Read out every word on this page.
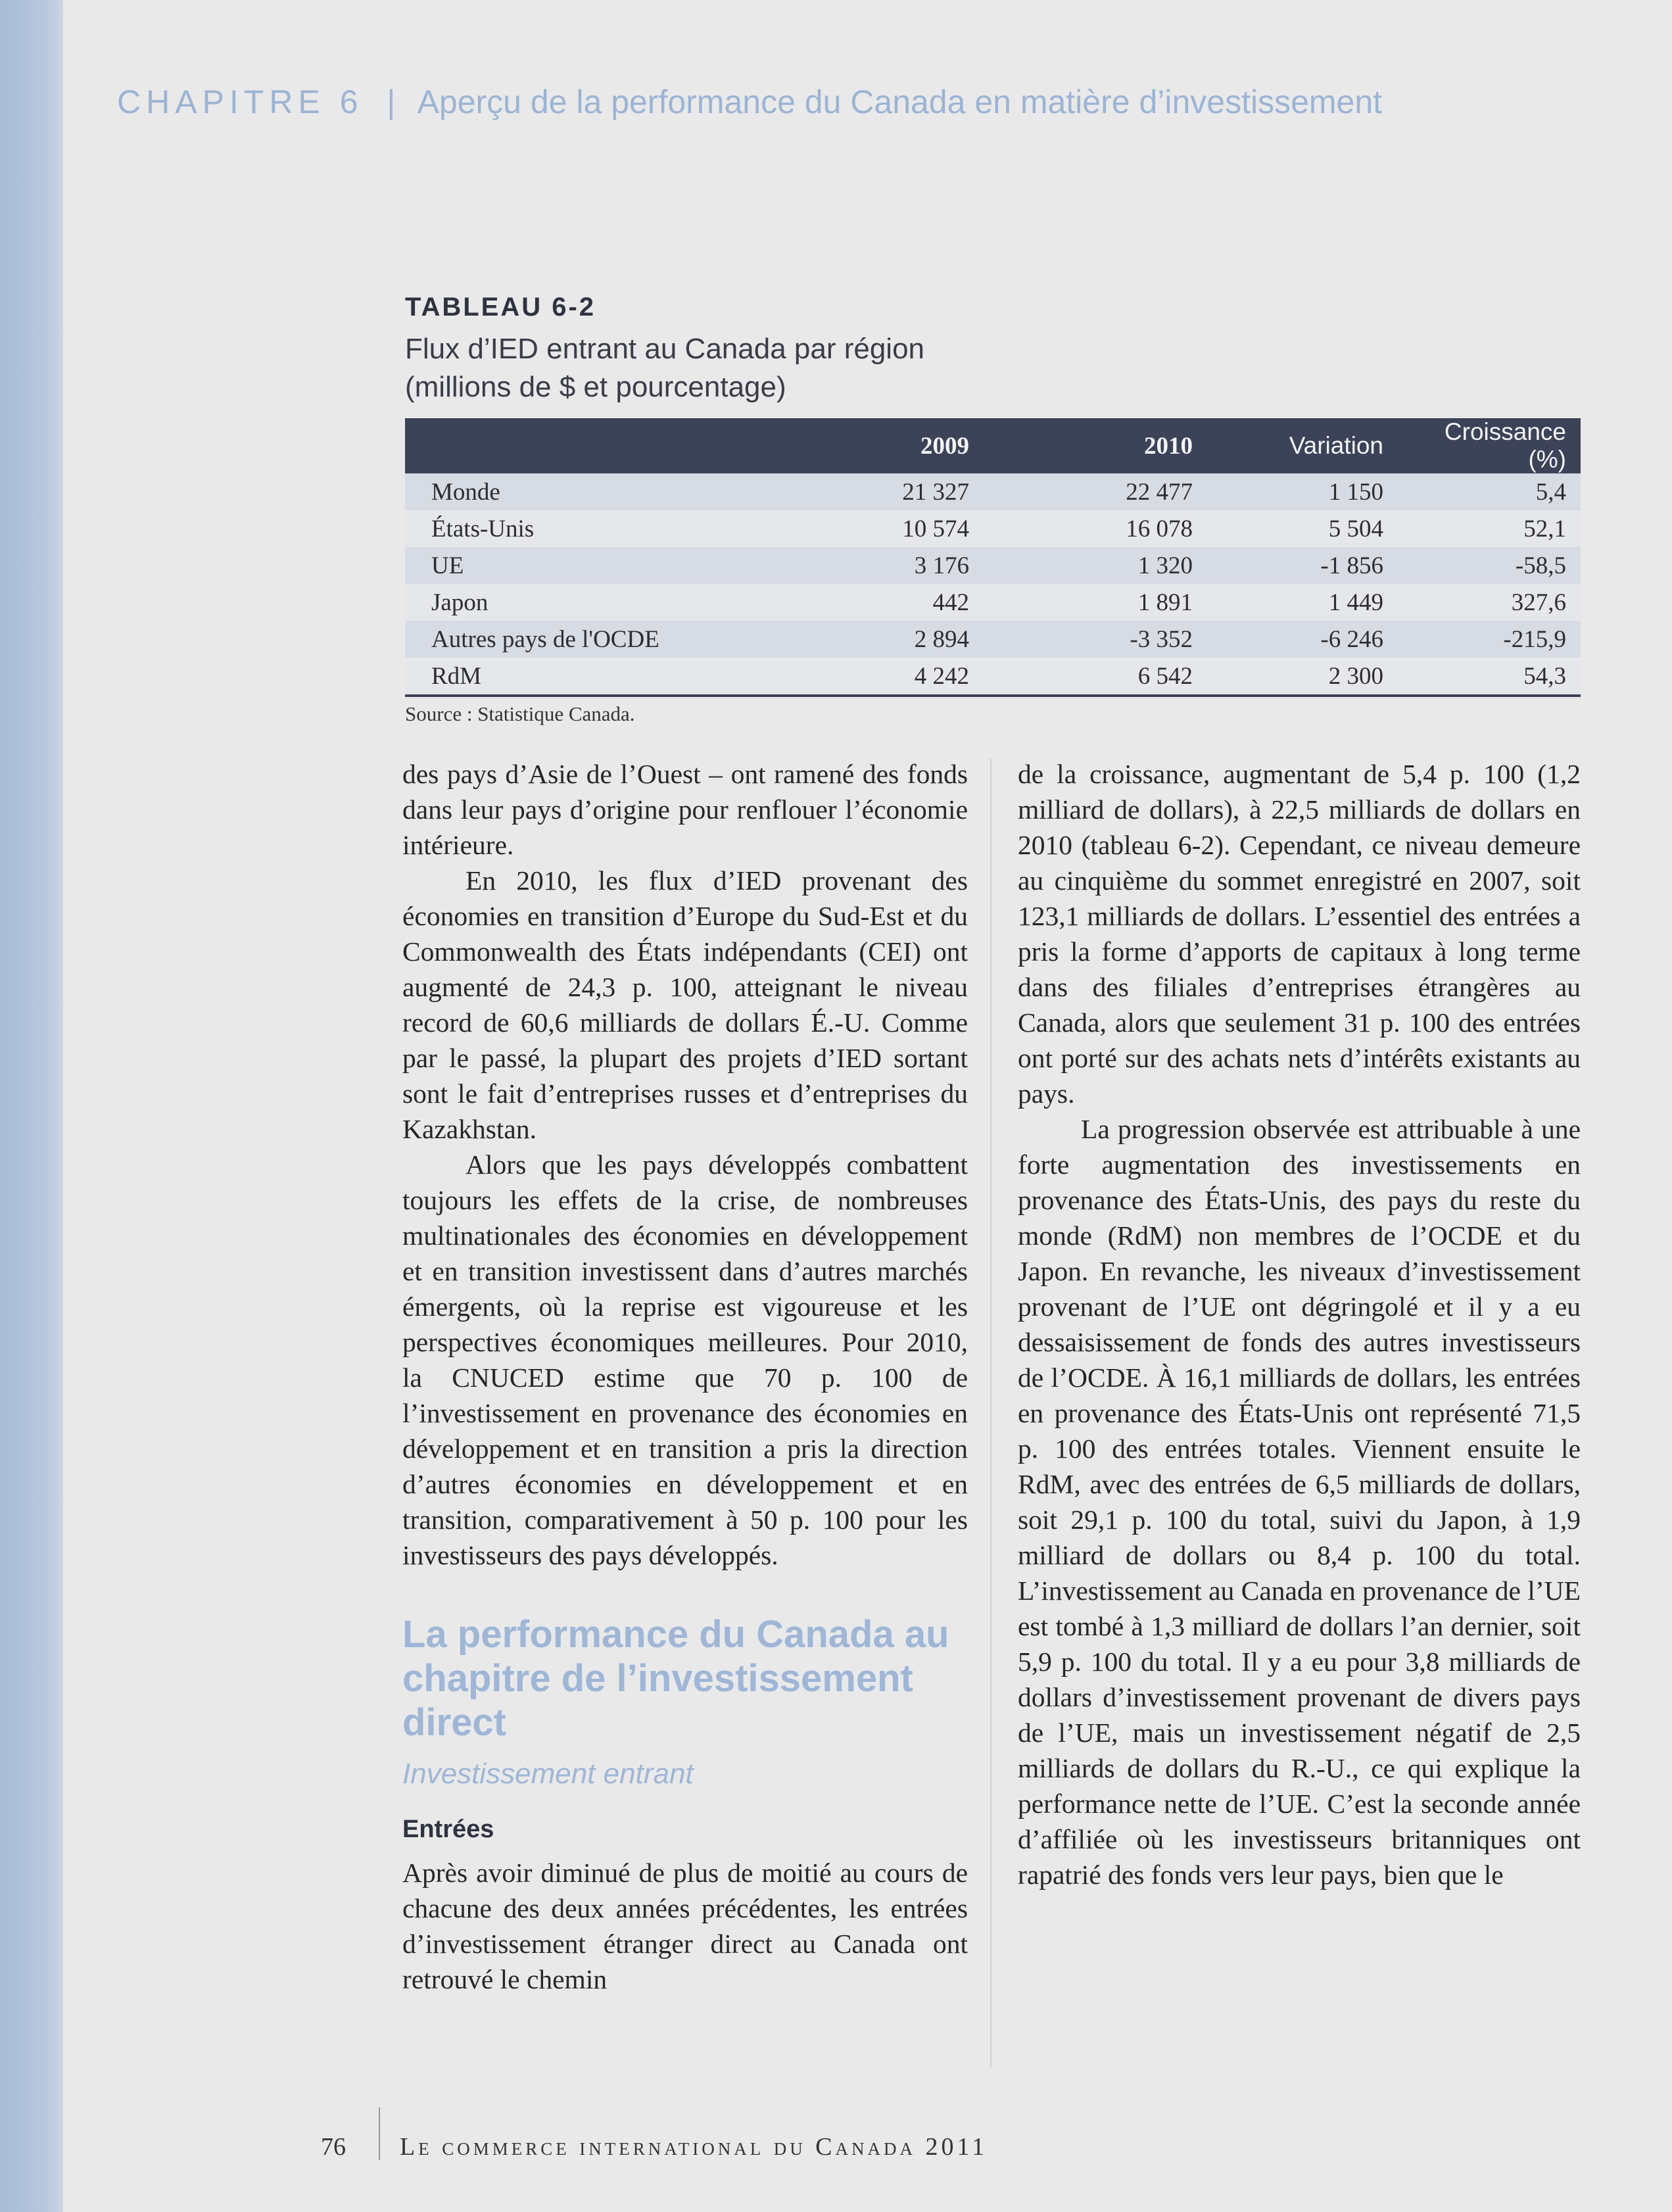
CHAPITRE 6 | Aperçu de la performance du Canada en matière d’investissement
TABLEAU 6-2
Flux d’IED entrant au Canada par région
(millions de $ et pourcentage)
	2009	2010	Variation	Croissance (%)
Monde	21 327	22 477	1 150	5,4
États-Unis	10 574	16 078	5 504	52,1
UE	3 176	1 320	-1 856	-58,5
Japon	442	1 891	1 449	327,6
Autres pays de l'OCDE	2 894	-3 352	-6 246	-215,9
RdM	4 242	6 542	2 300	54,3
Source : Statistique Canada.

des pays d’Asie de l’Ouest – ont ramené des fonds dans leur pays d’origine pour renflouer l’économie intérieure.

En 2010, les flux d’IED provenant des économies en transition d’Europe du Sud-Est et du Commonwealth des États indépendants (CEI) ont augmenté de 24,3 p. 100, atteignant le niveau record de 60,6 milliards de dollars É.-U. Comme par le passé, la plupart des projets d’IED sortant sont le fait d’entreprises russes et d’entreprises du Kazakhstan.

Alors que les pays développés combattent toujours les effets de la crise, de nombreuses multinationales des économies en développement et en transition investissent dans d’autres marchés émergents, où la reprise est vigoureuse et les perspectives économiques meilleures. Pour 2010, la CNUCED estime que 70 p. 100 de l’investissement en provenance des économies en développement et en transition a pris la direction d’autres économies en développement et en transition, comparativement à 50 p. 100 pour les investisseurs des pays développés.

La performance du Canada au chapitre de l’investissement direct
Investissement entrant
Entrées

Après avoir diminué de plus de moitié au cours de chacune des deux années précédentes, les entrées d’investissement étranger direct au Canada ont retrouvé le chemin

de la croissance, augmentant de 5,4 p. 100 (1,2 milliard de dollars), à 22,5 milliards de dollars en 2010 (tableau 6-2). Cependant, ce niveau demeure au cinquième du sommet enregistré en 2007, soit 123,1 milliards de dollars. L’essentiel des entrées a pris la forme d’apports de capitaux à long terme dans des filiales d’entreprises étrangères au Canada, alors que seulement 31 p. 100 des entrées ont porté sur des achats nets d’intérêts existants au pays.

La progression observée est attribuable à une forte augmentation des investissements en provenance des États-Unis, des pays du reste du monde (RdM) non membres de l’OCDE et du Japon. En revanche, les niveaux d’investissement provenant de l’UE ont dégringolé et il y a eu dessaisissement de fonds des autres investisseurs de l’OCDE. À 16,1 milliards de dollars, les entrées en provenance des États-Unis ont représenté 71,5 p. 100 des entrées totales. Viennent ensuite le RdM, avec des entrées de 6,5 milliards de dollars, soit 29,1 p. 100 du total, suivi du Japon, à 1,9 milliard de dollars ou 8,4 p. 100 du total. L’investissement au Canada en provenance de l’UE est tombé à 1,3 milliard de dollars l’an dernier, soit 5,9 p. 100 du total. Il y a eu pour 3,8 milliards de dollars d’investissement provenant de divers pays de l’UE, mais un investissement négatif de 2,5 milliards de dollars du R.-U., ce qui explique la performance nette de l’UE. C’est la seconde année d’affiliée où les investisseurs britanniques ont rapatrié des fonds vers leur pays, bien que le

76 Le commerce international du Canada 2011
